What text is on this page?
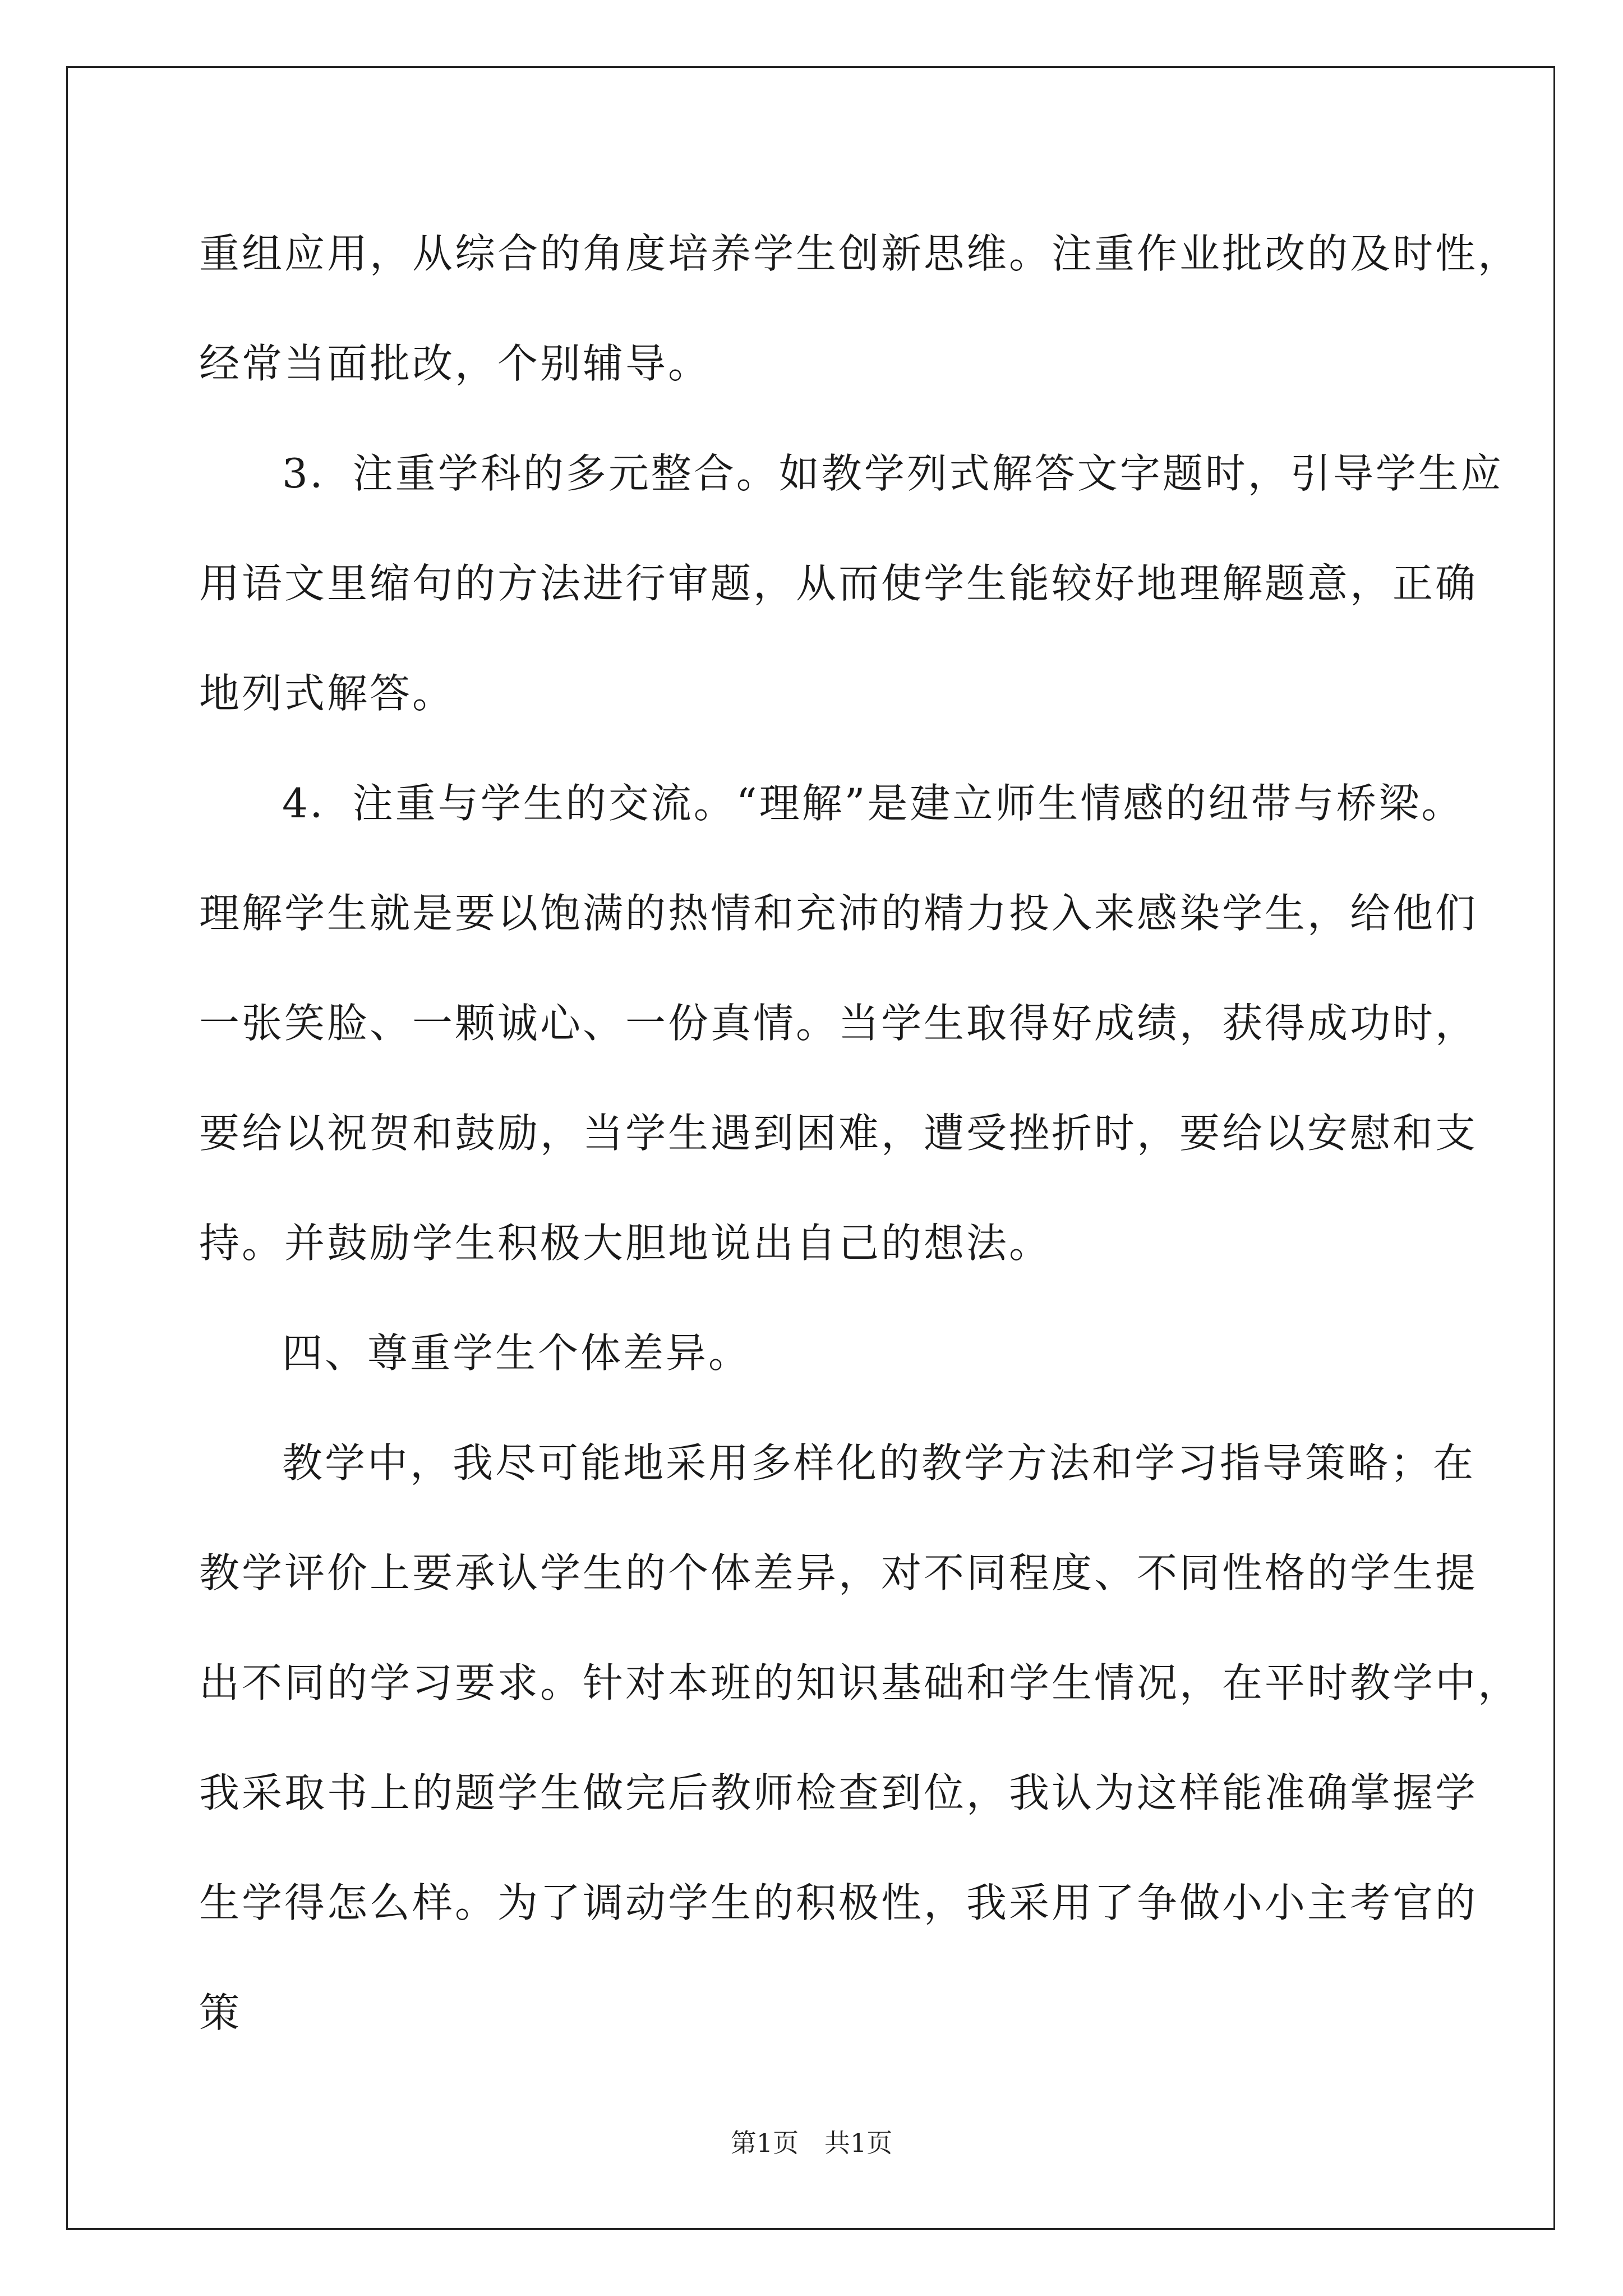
重组应用，从综合的角度培养学生创新思维。注重作业批改的及时性，

经常当面批改，个别辅导。

3．注重学科的多元整合。如教学列式解答文字题时，引导学生应

用语文里缩句的方法进行审题，从而使学生能较好地理解题意，正确

地列式解答。

4．注重与学生的交流。“理解”是建立师生情感的纽带与桥梁。

理解学生就是要以饱满的热情和充沛的精力投入来感染学生，给他们

一张笑脸、一颗诚心、一份真情。当学生取得好成绩，获得成功时，

要给以祝贺和鼓励，当学生遇到困难，遭受挫折时，要给以安慰和支

持。并鼓励学生积极大胆地说出自己的想法。

四、尊重学生个体差异。

教学中，我尽可能地采用多样化的教学方法和学习指导策略；在

教学评价上要承认学生的个体差异，对不同程度、不同性格的学生提

出不同的学习要求。针对本班的知识基础和学生情况，在平时教学中，

我采取书上的题学生做完后教师检查到位，我认为这样能准确掌握学

生学得怎么样。为了调动学生的积极性，我采用了争做小小主考官的

策

第1页 共1页
